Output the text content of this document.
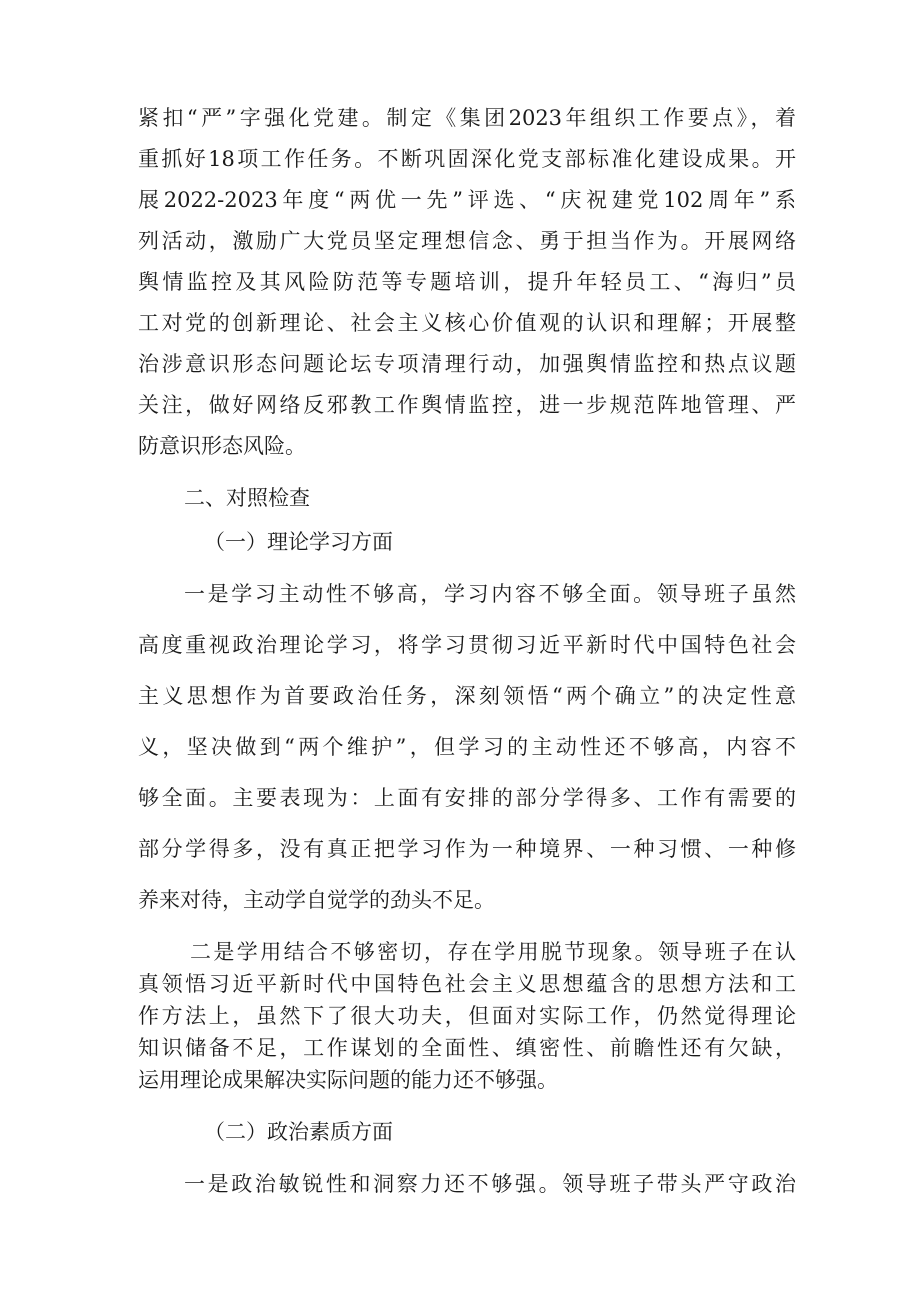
紧扣“严”字强化党建。制定《集团2023年组织工作要点》，着
重抓好18项工作任务。不断巩固深化党支部标准化建设成果。开
展2022-2023年度“两优一先”评选、“庆祝建党102周年”系
列活动，激励广大党员坚定理想信念、勇于担当作为。开展网络
舆情监控及其风险防范等专题培训，提升年轻员工、“海归”员
工对党的创新理论、社会主义核心价值观的认识和理解；开展整
治涉意识形态问题论坛专项清理行动，加强舆情监控和热点议题
关注，做好网络反邪教工作舆情监控，进一步规范阵地管理、严
防意识形态风险。
二、对照检查
（一）理论学习方面
一是学习主动性不够高，学习内容不够全面。领导班子虽然
高度重视政治理论学习，将学习贯彻习近平新时代中国特色社会
主义思想作为首要政治任务，深刻领悟“两个确立”的决定性意
义，坚决做到“两个维护”，但学习的主动性还不够高，内容不
够全面。主要表现为：上面有安排的部分学得多、工作有需要的
部分学得多，没有真正把学习作为一种境界、一种习惯、一种修
养来对待，主动学自觉学的劲头不足。
二是学用结合不够密切，存在学用脱节现象。领导班子在认
真领悟习近平新时代中国特色社会主义思想蕴含的思想方法和工
作方法上，虽然下了很大功夫，但面对实际工作，仍然觉得理论
知识储备不足，工作谋划的全面性、缜密性、前瞻性还有欠缺，
运用理论成果解决实际问题的能力还不够强。
（二）政治素质方面
一是政治敏锐性和洞察力还不够强。领导班子带头严守政治
